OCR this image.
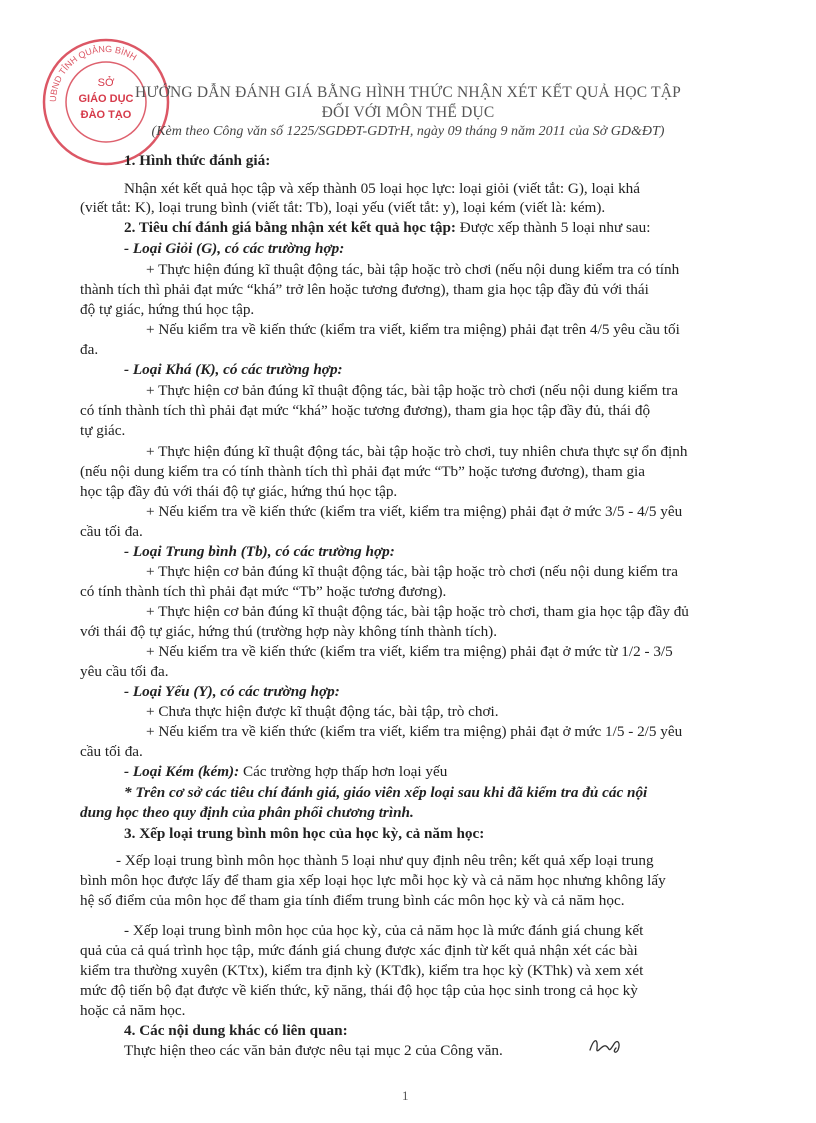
UBND TỈNH QUẢNG BÌNH
SỞ
GIÁO DỤC
ĐÀO TẠO
HƯỚNG DẪN ĐÁNH GIÁ BẰNG HÌNH THỨC NHẬN XÉT KẾT QUẢ HỌC TẬP
ĐỐI VỚI MÔN THỂ DỤC
(Kèm theo Công văn số 1225/SGDĐT-GDTrH, ngày 09 tháng 9 năm 2011 của Sở GD&ĐT)
1. Hình thức đánh giá:
Nhận xét kết quả học tập và xếp thành 05 loại học lực: loại giỏi (viết tắt: G), loại khá
(viết tắt: K), loại trung bình (viết tắt: Tb), loại yếu (viết tắt: y), loại kém (viết là: kém).
2. Tiêu chí đánh giá bằng nhận xét kết quả học tập: Được xếp thành 5 loại như sau:
- Loại Giỏi (G), có các trường hợp:
+ Thực hiện đúng kĩ thuật động tác, bài tập hoặc trò chơi (nếu nội dung kiểm tra có tính
thành tích thì phải đạt mức “khá” trở lên hoặc tương đương), tham gia học tập đầy đủ với thái
độ tự giác, hứng thú học tập.
+ Nếu kiểm tra về kiến thức (kiểm tra viết, kiểm tra miệng) phải đạt trên 4/5 yêu cầu tối
đa.
- Loại Khá (K), có các trường hợp:
+ Thực hiện cơ bản đúng kĩ thuật động tác, bài tập hoặc trò chơi (nếu nội dung kiểm tra
có tính thành tích thì phải đạt mức “khá” hoặc tương đương), tham gia học tập đầy đủ, thái độ
tự giác.
+ Thực hiện đúng kĩ thuật động tác, bài tập hoặc trò chơi, tuy nhiên chưa thực sự ổn định
(nếu nội dung kiểm tra có tính thành tích thì phải đạt mức “Tb” hoặc tương đương), tham gia
học tập đầy đủ với thái độ tự giác, hứng thú học tập.
+ Nếu kiểm tra về kiến thức (kiểm tra viết, kiểm tra miệng) phải đạt ở mức 3/5 - 4/5 yêu
cầu tối đa.
- Loại Trung bình (Tb), có các trường hợp:
+ Thực hiện cơ bản đúng kĩ thuật động tác, bài tập hoặc trò chơi (nếu nội dung kiểm tra
có tính thành tích thì phải đạt mức “Tb” hoặc tương đương).
+ Thực hiện cơ bản đúng kĩ thuật động tác, bài tập hoặc trò chơi, tham gia học tập đầy đủ
với thái độ tự giác, hứng thú (trường hợp này không tính thành tích).
+ Nếu kiểm tra về kiến thức (kiểm tra viết, kiểm tra miệng) phải đạt ở mức từ 1/2 - 3/5
yêu cầu tối đa.
- Loại Yếu (Y), có các trường hợp:
+ Chưa thực hiện được kĩ thuật động tác, bài tập, trò chơi.
+ Nếu kiểm tra về kiến thức (kiểm tra viết, kiểm tra miệng) phải đạt ở mức 1/5 - 2/5 yêu
cầu tối đa.
- Loại Kém (kém): Các trường hợp thấp hơn loại yếu
* Trên cơ sở các tiêu chí đánh giá, giáo viên xếp loại sau khi đã kiểm tra đủ các nội
dung học theo quy định của phân phối chương trình.
3. Xếp loại trung bình môn học của học kỳ, cả năm học:
- Xếp loại trung bình môn học thành 5 loại như quy định nêu trên; kết quả xếp loại trung
bình môn học được lấy để tham gia xếp loại học lực mỗi học kỳ và cả năm học nhưng không lấy
hệ số điểm của môn học để tham gia tính điểm trung bình các môn học kỳ và cả năm học.
- Xếp loại trung bình môn học của học kỳ, của cả năm học là mức đánh giá chung kết
quả của cả quá trình học tập, mức đánh giá chung được xác định từ kết quả nhận xét các bài
kiểm tra thường xuyên (KTtx), kiểm tra định kỳ (KTđk), kiểm tra học kỳ (KThk) và xem xét
mức độ tiến bộ đạt được về kiến thức, kỹ năng, thái độ học tập của học sinh trong cả học kỳ
hoặc cả năm học.
4. Các nội dung khác có liên quan:
Thực hiện theo các văn bản được nêu tại mục 2 của Công văn.
1
